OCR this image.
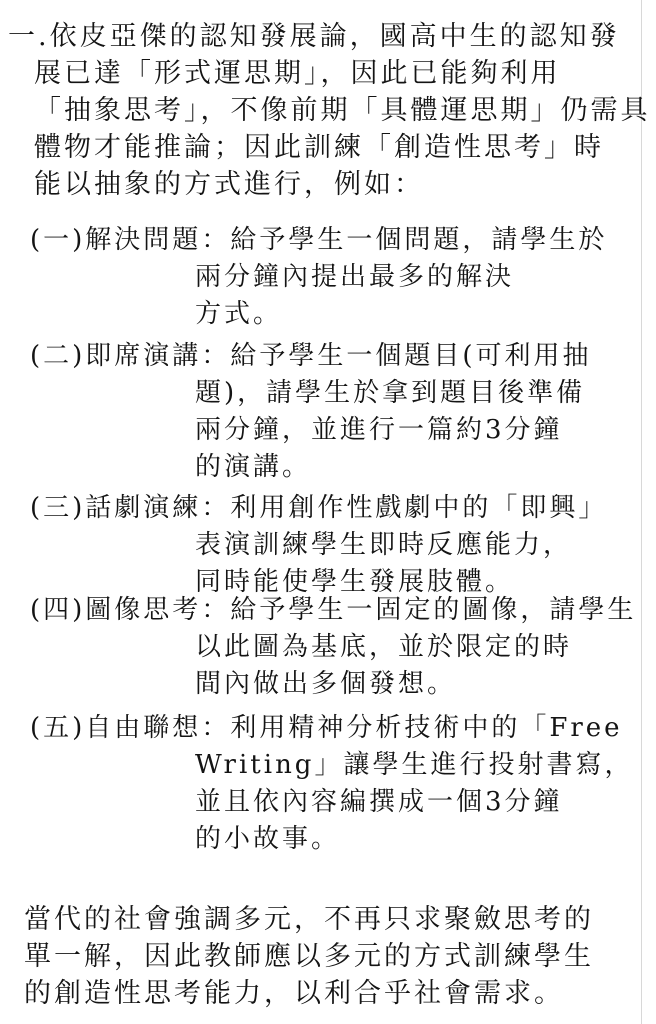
一.依皮亞傑的認知發展論，國高中生的認知發
展已達「形式運思期」，因此已能夠利用
「抽象思考」，不像前期「具體運思期」仍需具
體物才能推論；因此訓練「創造性思考」時
能以抽象的方式進行，例如：
(一) 解決問題 ： 給予學生一個問題，請學生於
兩分鐘內提出最多的解決
方式。
(二) 即席演講 ： 給予學生一個題目(可利用抽
題)，請學生於拿到題目後準備
兩分鐘，並進行一篇約3分鐘
的演講。
(三) 話劇演練 ： 利用創作性戲劇中的「即興」
表演訓練學生即時反應能力，
同時能使學生發展肢體。
(四) 圖像思考 ： 給予學生一固定的圖像，請學生
以此圖為基底，並於限定的時
間內做出多個發想。
(五) 自由聯想 ： 利用精神分析技術中的「Free
Writing」讓學生進行投射書寫，
並且依內容編撰成一個3分鐘
的小故事。
當代的社會強調多元，不再只求聚斂思考的
單一解，因此教師應以多元的方式訓練學生
的創造性思考能力，以利合乎社會需求。
